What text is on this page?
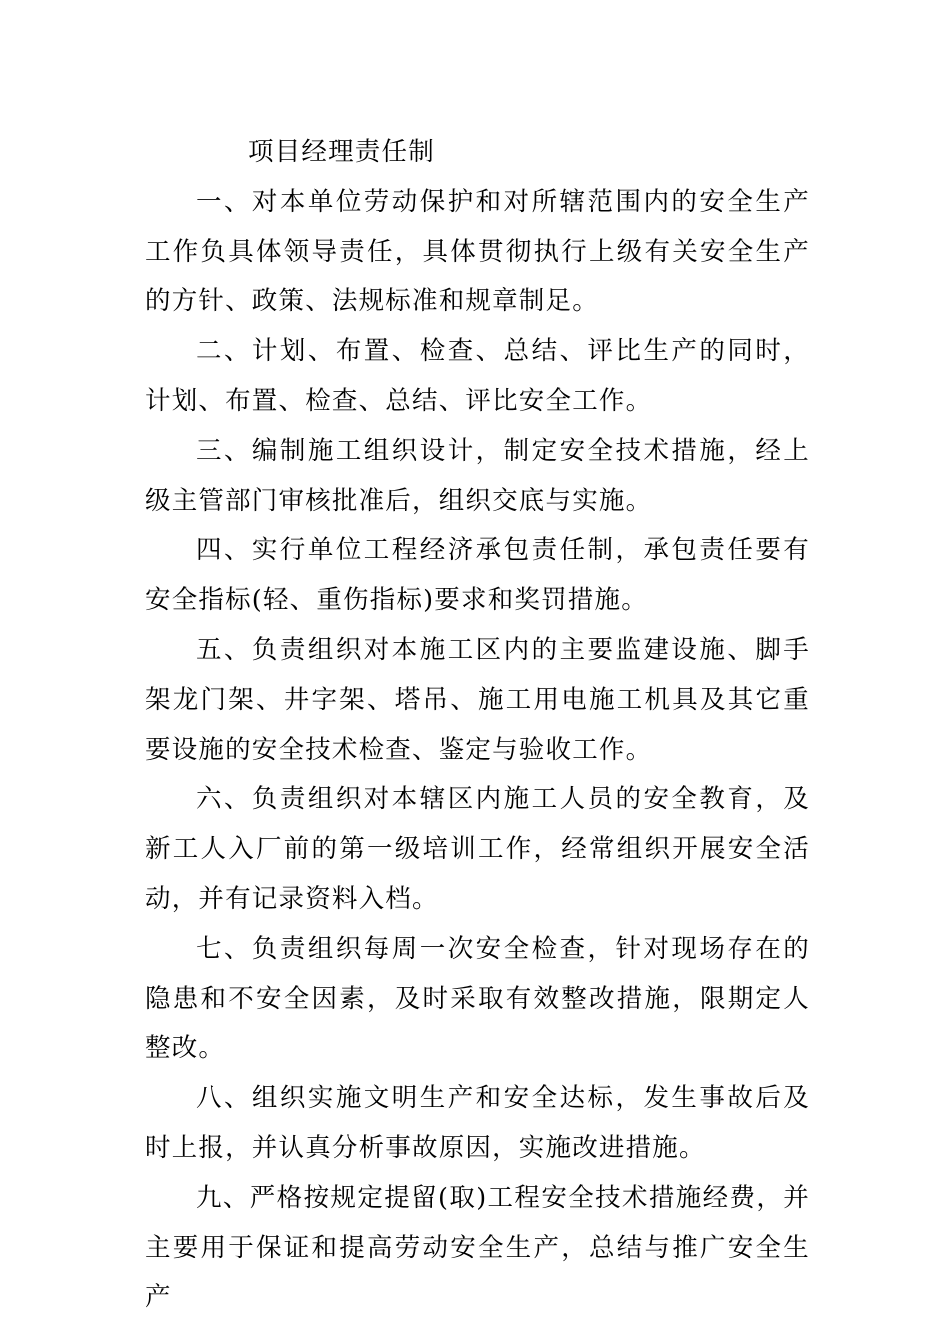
项目经理责任制

一、对本单位劳动保护和对所辖范围内的安全生产工作负具体领导责任，具体贯彻执行上级有关安全生产的方针、政策、法规标准和规章制足。

二、计划、布置、检查、总结、评比生产的同时，计划、布置、检查、总结、评比安全工作。

三、编制施工组织设计，制定安全技术措施，经上级主管部门审核批准后，组织交底与实施。

四、实行单位工程经济承包责任制，承包责任要有安全指标(轻、重伤指标)要求和奖罚措施。

五、负责组织对本施工区内的主要监建设施、脚手架龙门架、井字架、塔吊、施工用电施工机具及其它重要设施的安全技术检查、鉴定与验收工作。

六、负责组织对本辖区内施工人员的安全教育，及新工人入厂前的第一级培训工作，经常组织开展安全活动，并有记录资料入档。

七、负责组织每周一次安全检查，针对现场存在的隐患和不安全因素，及时采取有效整改措施，限期定人整改。

八、组织实施文明生产和安全达标，发生事故后及时上报，并认真分析事故原因，实施改进措施。

九、严格按规定提留(取)工程安全技术措施经费，并主要用于保证和提高劳动安全生产，总结与推广安全生产
